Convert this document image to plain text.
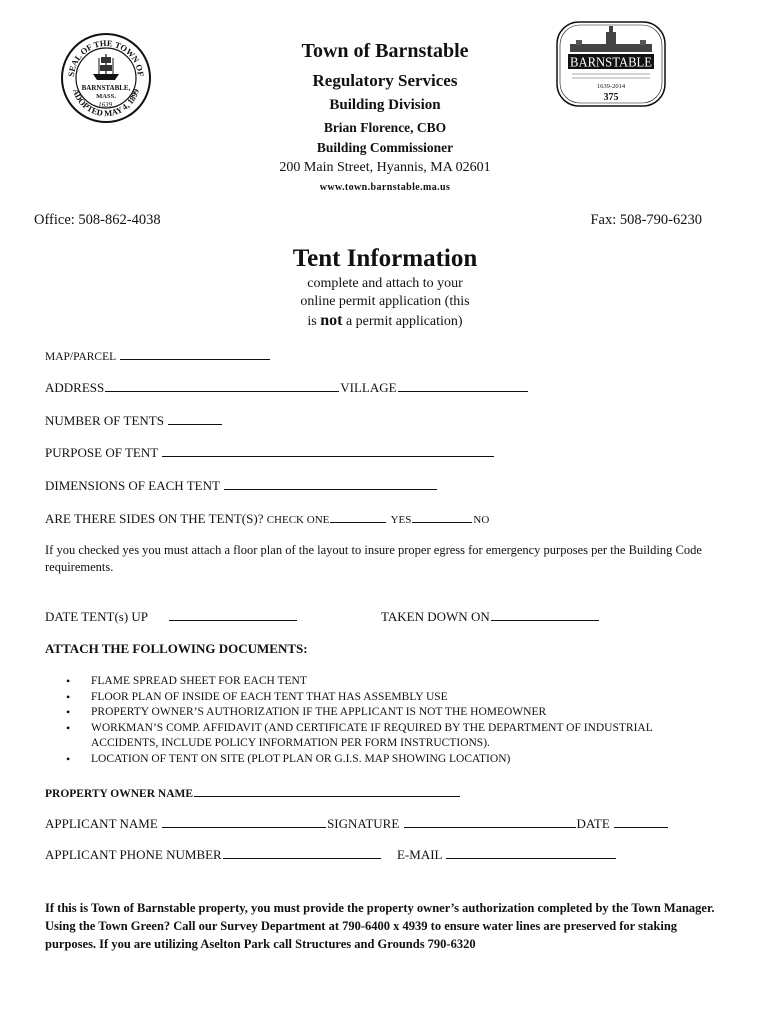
SEAL OF THE TOWN OF
ADOPTED MAY 4, 1899
BARNSTABLE,
MASS.
1639.
BARNSTABLE
1639-2014
375
Town of Barnstable
Regulatory Services
Building Division
Brian Florence, CBO
Building Commissioner
200 Main Street, Hyannis, MA 02601
www.town.barnstable.ma.us
Office: 508-862-4038	Fax: 508-790-6230
Tent Information
complete and attach to your
online permit application (this
is not a permit application)
MAP/PARCEL
ADDRESS	VILLAGE
NUMBER OF TENTS
PURPOSE OF TENT
DIMENSIONS OF EACH TENT
ARE THERE SIDES ON THE TENT(S)? CHECK ONE	YES	NO
If you checked yes you must attach a floor plan of the layout to insure proper egress for emergency purposes per the Building Code requirements.
DATE TENT(s) UP	TAKEN DOWN ON
ATTACH THE FOLLOWING DOCUMENTS:
• FLAME SPREAD SHEET FOR EACH TENT
• FLOOR PLAN OF INSIDE OF EACH TENT THAT HAS ASSEMBLY USE
• PROPERTY OWNER’S AUTHORIZATION IF THE APPLICANT IS NOT THE HOMEOWNER
• WORKMAN’S COMP. AFFIDAVIT (AND CERTIFICATE IF REQUIRED BY THE DEPARTMENT OF INDUSTRIAL ACCIDENTS, INCLUDE POLICY INFORMATION PER FORM INSTRUCTIONS).
• LOCATION OF TENT ON SITE (PLOT PLAN OR G.I.S. MAP SHOWING LOCATION)
PROPERTY OWNER NAME
APPLICANT NAME	SIGNATURE	DATE
APPLICANT PHONE NUMBER	E-MAIL
If this is Town of Barnstable property, you must provide the property owner’s authorization completed by the Town Manager. Using the Town Green? Call our Survey Department at 790-6400 x 4939 to ensure water lines are preserved for staking purposes. If you are utilizing Aselton Park call Structures and Grounds 790-6320
